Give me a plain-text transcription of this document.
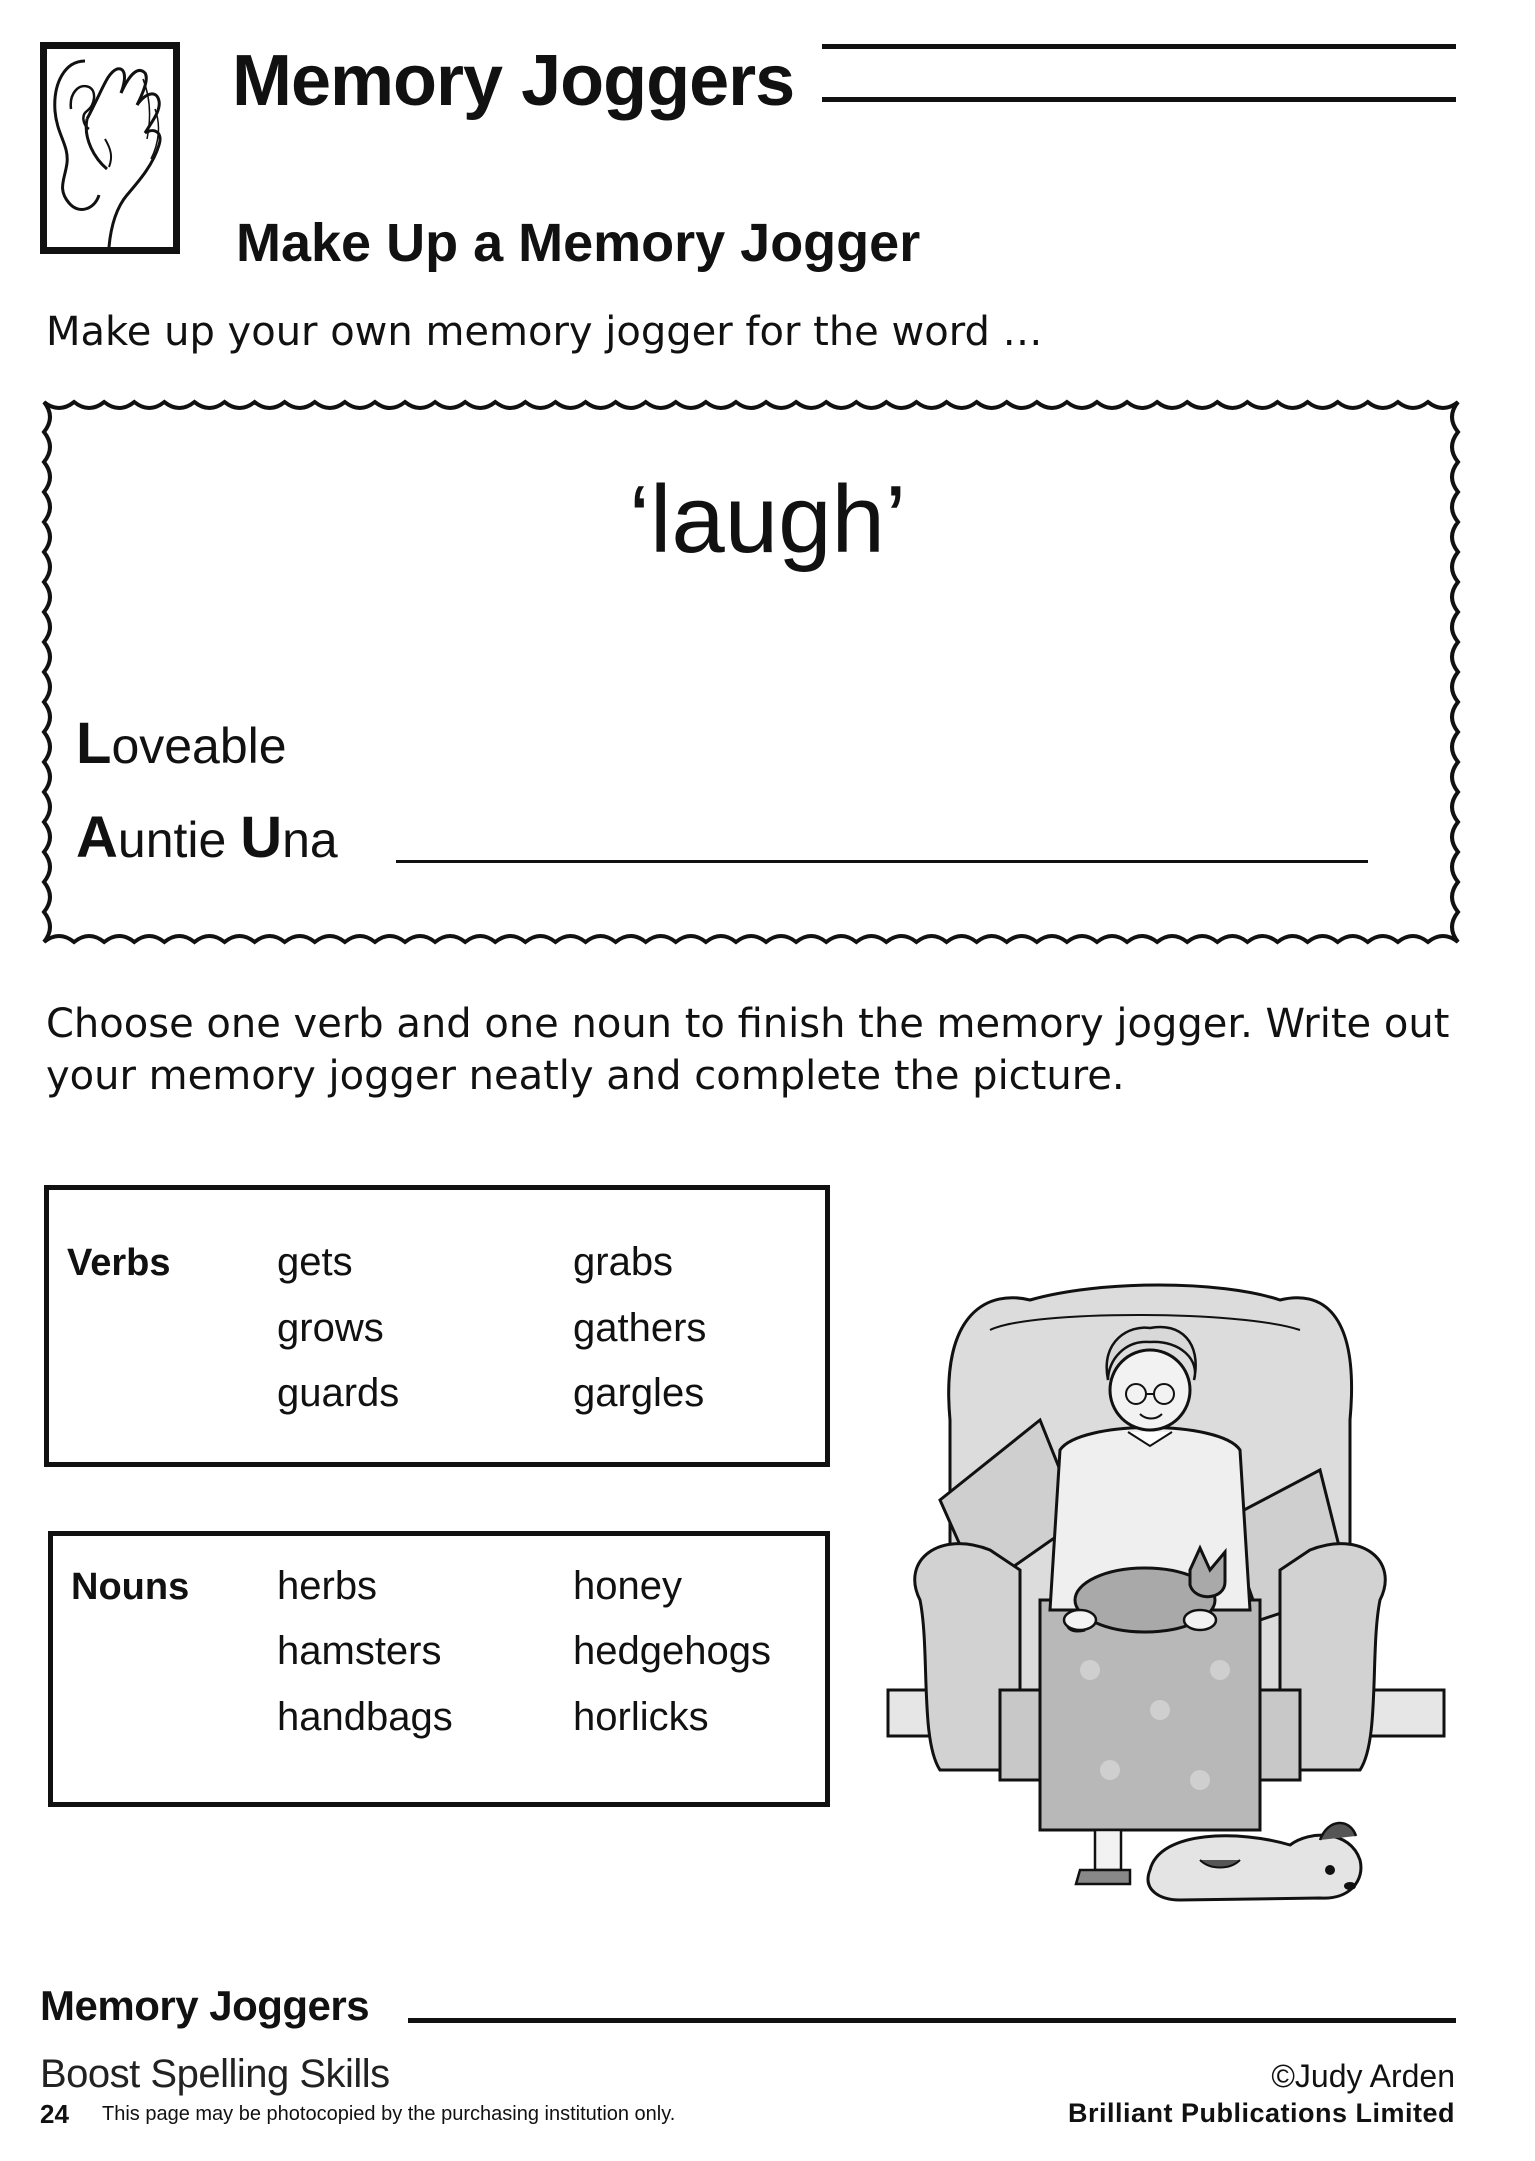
Memory Joggers
Make Up a Memory Jogger
Make up your own memory jogger for the word …
‘laugh’
Loveable
Auntie Una
Choose one verb and one noun to finish the memory jogger. Write out your memory jogger neatly and complete the picture.
Verbs	gets
grows
guards
grabs
gathers
gargles
Nouns herbs
hamsters
handbags
honey
hedgehogs
horlicks
Memory Joggers
Boost Spelling Skills
24 This page may be photocopied by the purchasing institution only.
©Judy Arden
Brilliant Publications Limited
